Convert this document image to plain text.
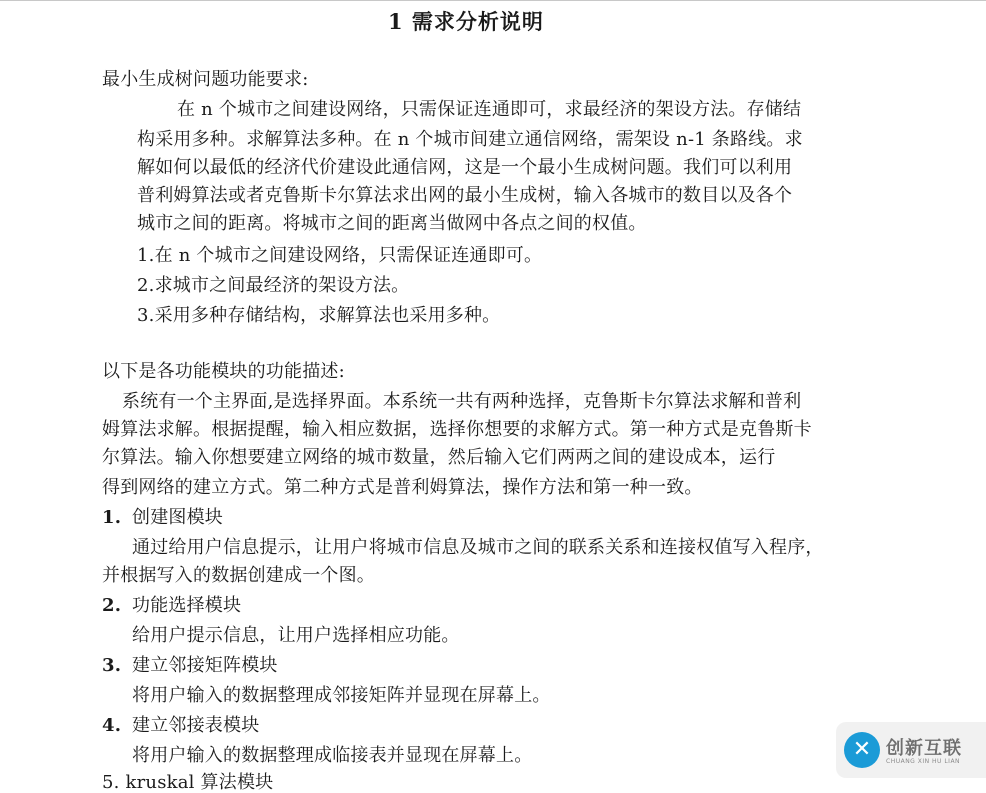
1 需求分析说明
最小生成树问题功能要求:
在 n 个城市之间建设网络，只需保证连通即可，求最经济的架设方法。存储结
构采用多种。求解算法多种。在 n 个城市间建立通信网络，需架设 n-1 条路线。求
解如何以最低的经济代价建设此通信网，这是一个最小生成树问题。我们可以利用
普利姆算法或者克鲁斯卡尔算法求出网的最小生成树，输入各城市的数目以及各个
城市之间的距离。将城市之间的距离当做网中各点之间的权值。
1.在 n 个城市之间建设网络，只需保证连通即可。
2.求城市之间最经济的架设方法。
3.采用多种存储结构，求解算法也采用多种。
以下是各功能模块的功能描述:
系统有一个主界面,是选择界面。本系统一共有两种选择，克鲁斯卡尔算法求解和普利
姆算法求解。根据提醒，输入相应数据，选择你想要的求解方式。第一种方式是克鲁斯卡
尔算法。输入你想要建立网络的城市数量，然后输入它们两两之间的建设成本，运行
得到网络的建立方式。第二种方式是普利姆算法，操作方法和第一种一致。
1. 创建图模块
通过给用户信息提示，让用户将城市信息及城市之间的联系关系和连接权值写入程序，
并根据写入的数据创建成一个图。
2. 功能选择模块
给用户提示信息，让用户选择相应功能。
3. 建立邻接矩阵模块
将用户输入的数据整理成邻接矩阵并显现在屏幕上。
4. 建立邻接表模块
将用户输入的数据整理成临接表并显现在屏幕上。
5. kruskal 算法模块
✕ 创新互联
CHUANG XIN HU LIAN
